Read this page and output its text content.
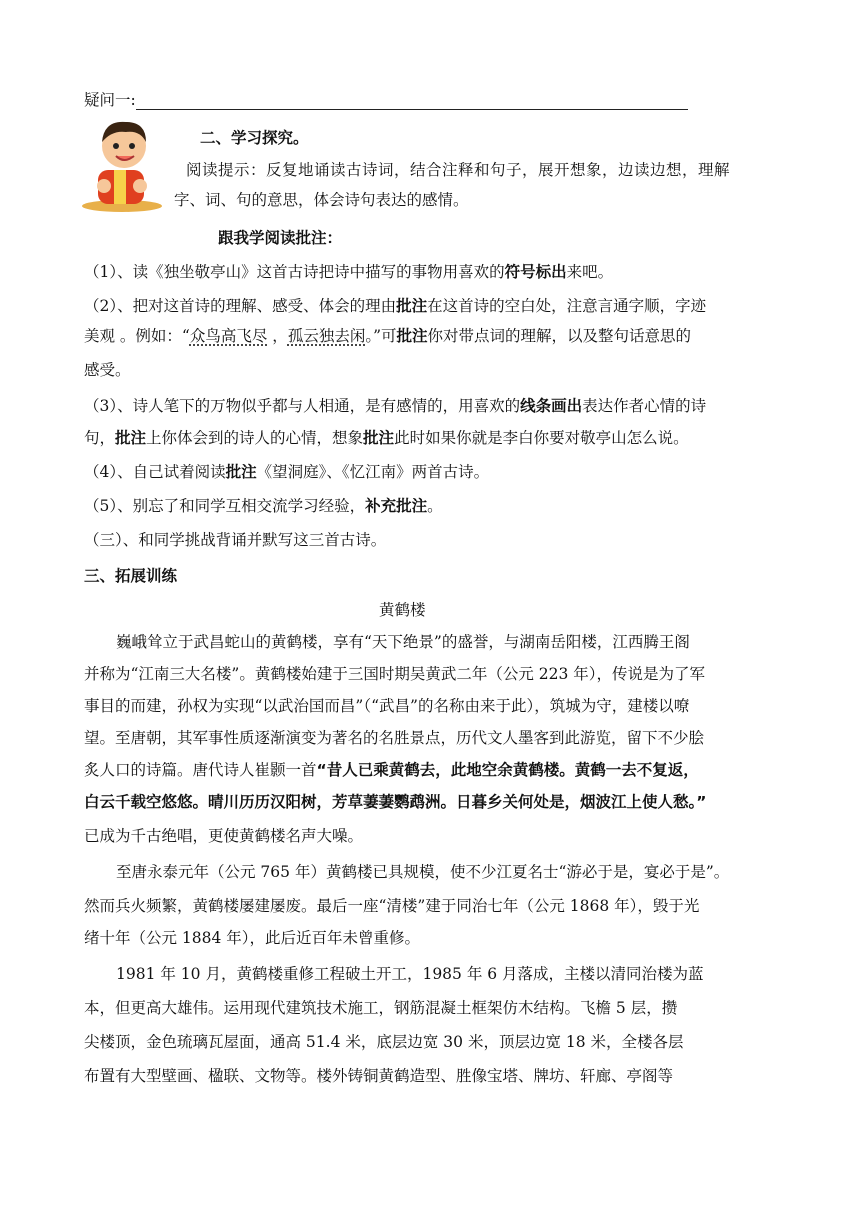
疑问一:
二、学习探究。
阅读提示：反复地诵读古诗词，结合注释和句子，展开想象，边读边想，理解
字、词、句的意思，体会诗句表达的感情。
跟我学阅读批注：
（1）、读《独坐敬亭山》这首古诗把诗中描写的事物用喜欢的符号标出来吧。
（2）、把对这首诗的理解、感受、体会的理由批注在这首诗的空白处，注意言通字顺，字迹
美观 。例如：“众鸟高飞尽 ，孤云独去闲。”可批注你对带点词的理解，以及整句话意思的
感受。
（3）、诗人笔下的万物似乎都与人相通，是有感情的，用喜欢的线条画出表达作者心情的诗
句，批注上你体会到的诗人的心情，想象批注此时如果你就是李白你要对敬亭山怎么说。
（4）、自己试着阅读批注《望洞庭》、《忆江南》两首古诗。
（5）、别忘了和同学互相交流学习经验，补充批注。
（三）、和同学挑战背诵并默写这三首古诗。
三、拓展训练
黄鹤楼
巍峨耸立于武昌蛇山的黄鹤楼，享有“天下绝景”的盛誉，与湖南岳阳楼，江西腾王阁
并称为“江南三大名楼”。黄鹤楼始建于三国时期吴黄武二年（公元 223 年），传说是为了军
事目的而建，孙权为实现“以武治国而昌”（“武昌”的名称由来于此），筑城为守，建楼以嘹
望。至唐朝，其军事性质逐渐演变为著名的名胜景点，历代文人墨客到此游览，留下不少脍
炙人口的诗篇。唐代诗人崔颢一首“昔人已乘黄鹤去，此地空余黄鹤楼。黄鹤一去不复返，
白云千载空悠悠。晴川历历汉阳树，芳草萋萋鹦鹉洲。日暮乡关何处是，烟波江上使人愁。”
已成为千古绝唱，更使黄鹤楼名声大噪。
至唐永泰元年（公元 765 年）黄鹤楼已具规模，使不少江夏名士“游必于是，宴必于是”。
然而兵火频繁，黄鹤楼屡建屡废。最后一座“清楼”建于同治七年（公元 1868 年），毁于光
绪十年（公元 1884 年），此后近百年未曾重修。
1981 年 10 月，黄鹤楼重修工程破土开工，1985 年 6 月落成，主楼以清同治楼为蓝
本，但更高大雄伟。运用现代建筑技术施工，钢筋混凝土框架仿木结构。飞檐 5 层，攒
尖楼顶，金色琉璃瓦屋面，通高 51.4 米，底层边宽 30 米，顶层边宽 18 米，全楼各层
布置有大型壁画、楹联、文物等。楼外铸铜黄鹤造型、胜像宝塔、牌坊、轩廊、亭阁等
